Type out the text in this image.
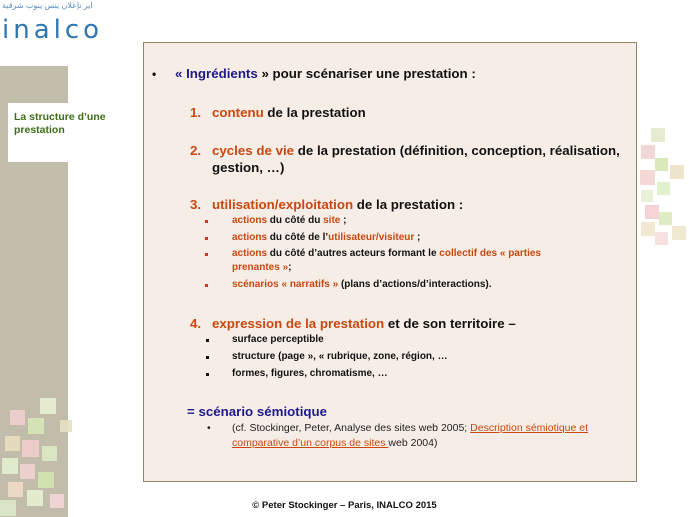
ایر نإعلان ينس ينوب شرقية
inalco
La structure d’une prestation
• « Ingrédients » pour scénariser une prestation :
1. contenu de la prestation
2. cycles de vie de la prestation (définition, conception, réalisation,
gestion, …)
3. utilisation/exploitation de la prestation :
actions du côté du site ;
actions du côté de l’utilisateur/visiteur ;
actions du côté d’autres acteurs formant le collectif des « parties
prenantes »;
scénarios « narratifs » (plans d’actions/d’interactions).
4. expression de la prestation et de son territoire –
surface perceptible
structure (page », « rubrique, zone, région, …
formes, figures, chromatisme, …
= scénario sémiotique
• (cf. Stockinger, Peter, Analyse des sites web 2005; Description sémiotique et
comparative d’un corpus de sites web 2004)
© Peter Stockinger – Paris, INALCO 2015
